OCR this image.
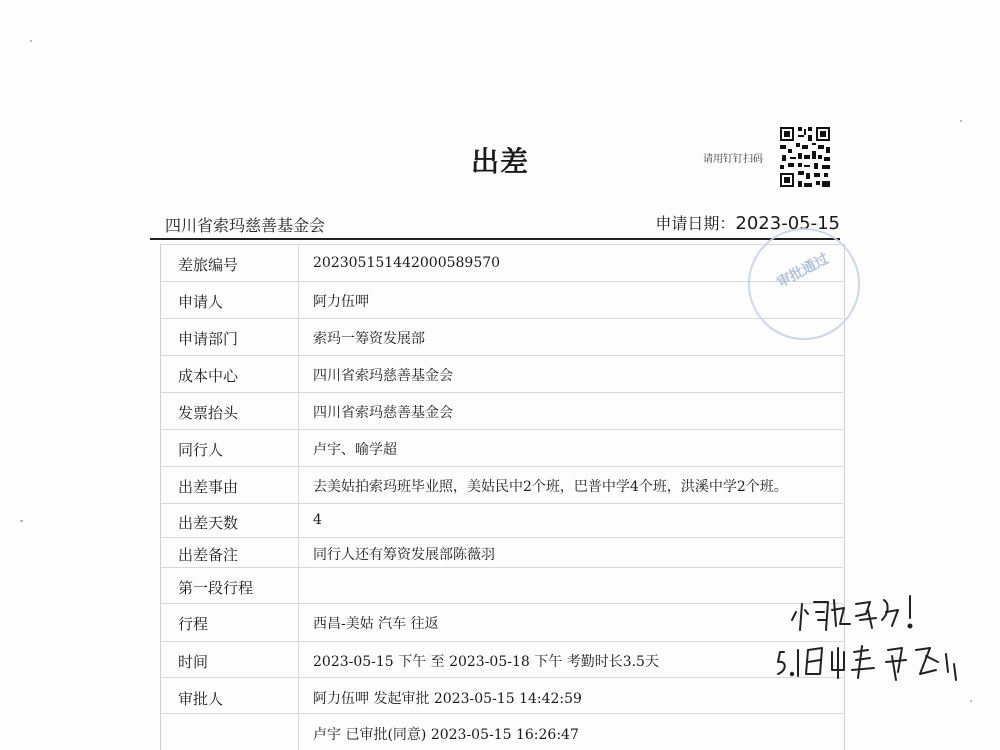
出差	请用钉钉扫码
四川省索玛慈善基金会	申请日期：2023-05-15
差旅编号
申请人
申请部门
成本中心
发票抬头
同行人
出差事由
出差天数
出差备注
第一段行程
行程
时间
审批人
202305151442000589570
阿力伍呷
索玛一筹资发展部
四川省索玛慈善基金会
四川省索玛慈善基金会
卢宇、喻学超
去美姑拍索玛班毕业照，美姑民中2个班，巴普中学4个班，洪溪中学2个班。
4
同行人还有筹资发展部陈薇羽
西昌-美姑 汽车 往返
2023-05-15 下午 至 2023-05-18 下午 考勤时长3.5天
阿力伍呷 发起审批 2023-05-15 14:42:59
卢宇 已审批(同意) 2023-05-15 16:26:47
审批通过
